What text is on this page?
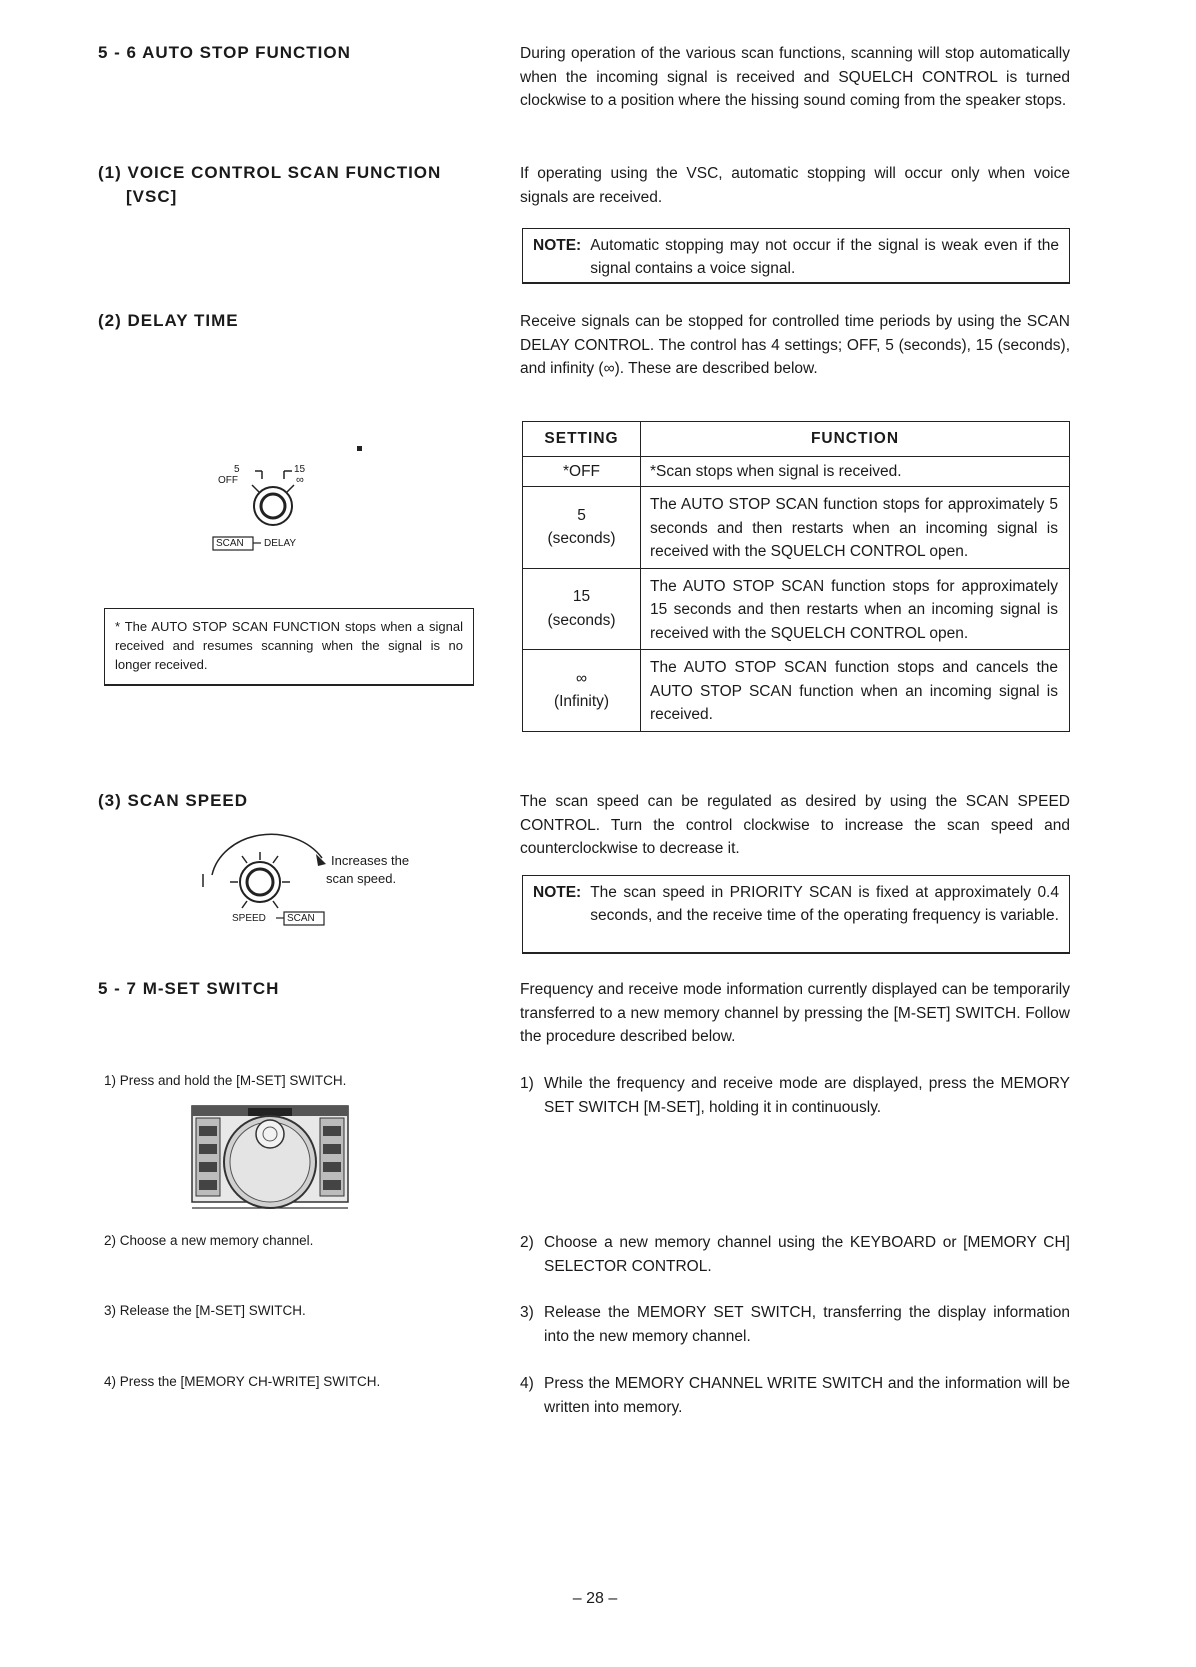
5 - 6 AUTO STOP FUNCTION	During operation of the various scan functions, scanning will stop automatically when the incoming signal is received and SQUELCH CONTROL is turned clockwise to a position where the hissing sound coming from the speaker stops.
(1) VOICE CONTROL SCAN FUNCTION
[VSC]
If operating using the VSC, automatic stopping will occur only when voice signals are received.
NOTE: Automatic stopping may not occur if the signal is weak even if the signal contains a voice signal.
(2) DELAY TIME	Receive signals can be stopped for controlled time periods by using the SCAN DELAY CONTROL. The control has 4 settings; OFF, 5 (seconds), 15 (seconds), and infinity (∞). These are described below.
5	15
OFF	∞
SCAN DELAY
* The AUTO STOP SCAN FUNCTION stops when a signal received and resumes scanning when the signal is no longer received.
SETTING	FUNCTION
*OFF	*Scan stops when signal is received.

5
(seconds)	The AUTO STOP SCAN function stops for approximately 5 seconds and then restarts when an incoming signal is received with the SQUELCH CONTROL open.

15
(seconds)	The AUTO STOP SCAN function stops for approximately 15 seconds and then restarts when an incoming signal is received with the SQUELCH CONTROL open.

∞
(Infinity)	The AUTO STOP SCAN function stops and cancels the AUTO STOP SCAN function when an incoming signal is received.
(3) SCAN SPEED
Increases the
scan speed.
SPEED SCAN
The scan speed can be regulated as desired by using the SCAN SPEED CONTROL. Turn the control clockwise to increase the scan speed and counterclockwise to decrease it.
NOTE: The scan speed in PRIORITY SCAN is fixed at approximately 0.4 seconds, and the receive time of the operating frequency is variable.
5 - 7 M-SET SWITCH	Frequency and receive mode information currently displayed can be temporarily transferred to a new memory channel by pressing the [M-SET] SWITCH. Follow the procedure described below.
1) Press and hold the [M-SET] SWITCH.
2) Choose a new memory channel.
3) Release the [M-SET] SWITCH.
4) Press the [MEMORY CH-WRITE] SWITCH.
1) While the frequency and receive mode are displayed, press the MEMORY SET SWITCH [M-SET], holding it in continuously.
2) Choose a new memory channel using the KEYBOARD or [MEMORY CH] SELECTOR CONTROL.
3) Release the MEMORY SET SWITCH, transferring the display information into the new memory channel.
4) Press the MEMORY CHANNEL WRITE SWITCH and the information will be written into memory.
– 28 –
